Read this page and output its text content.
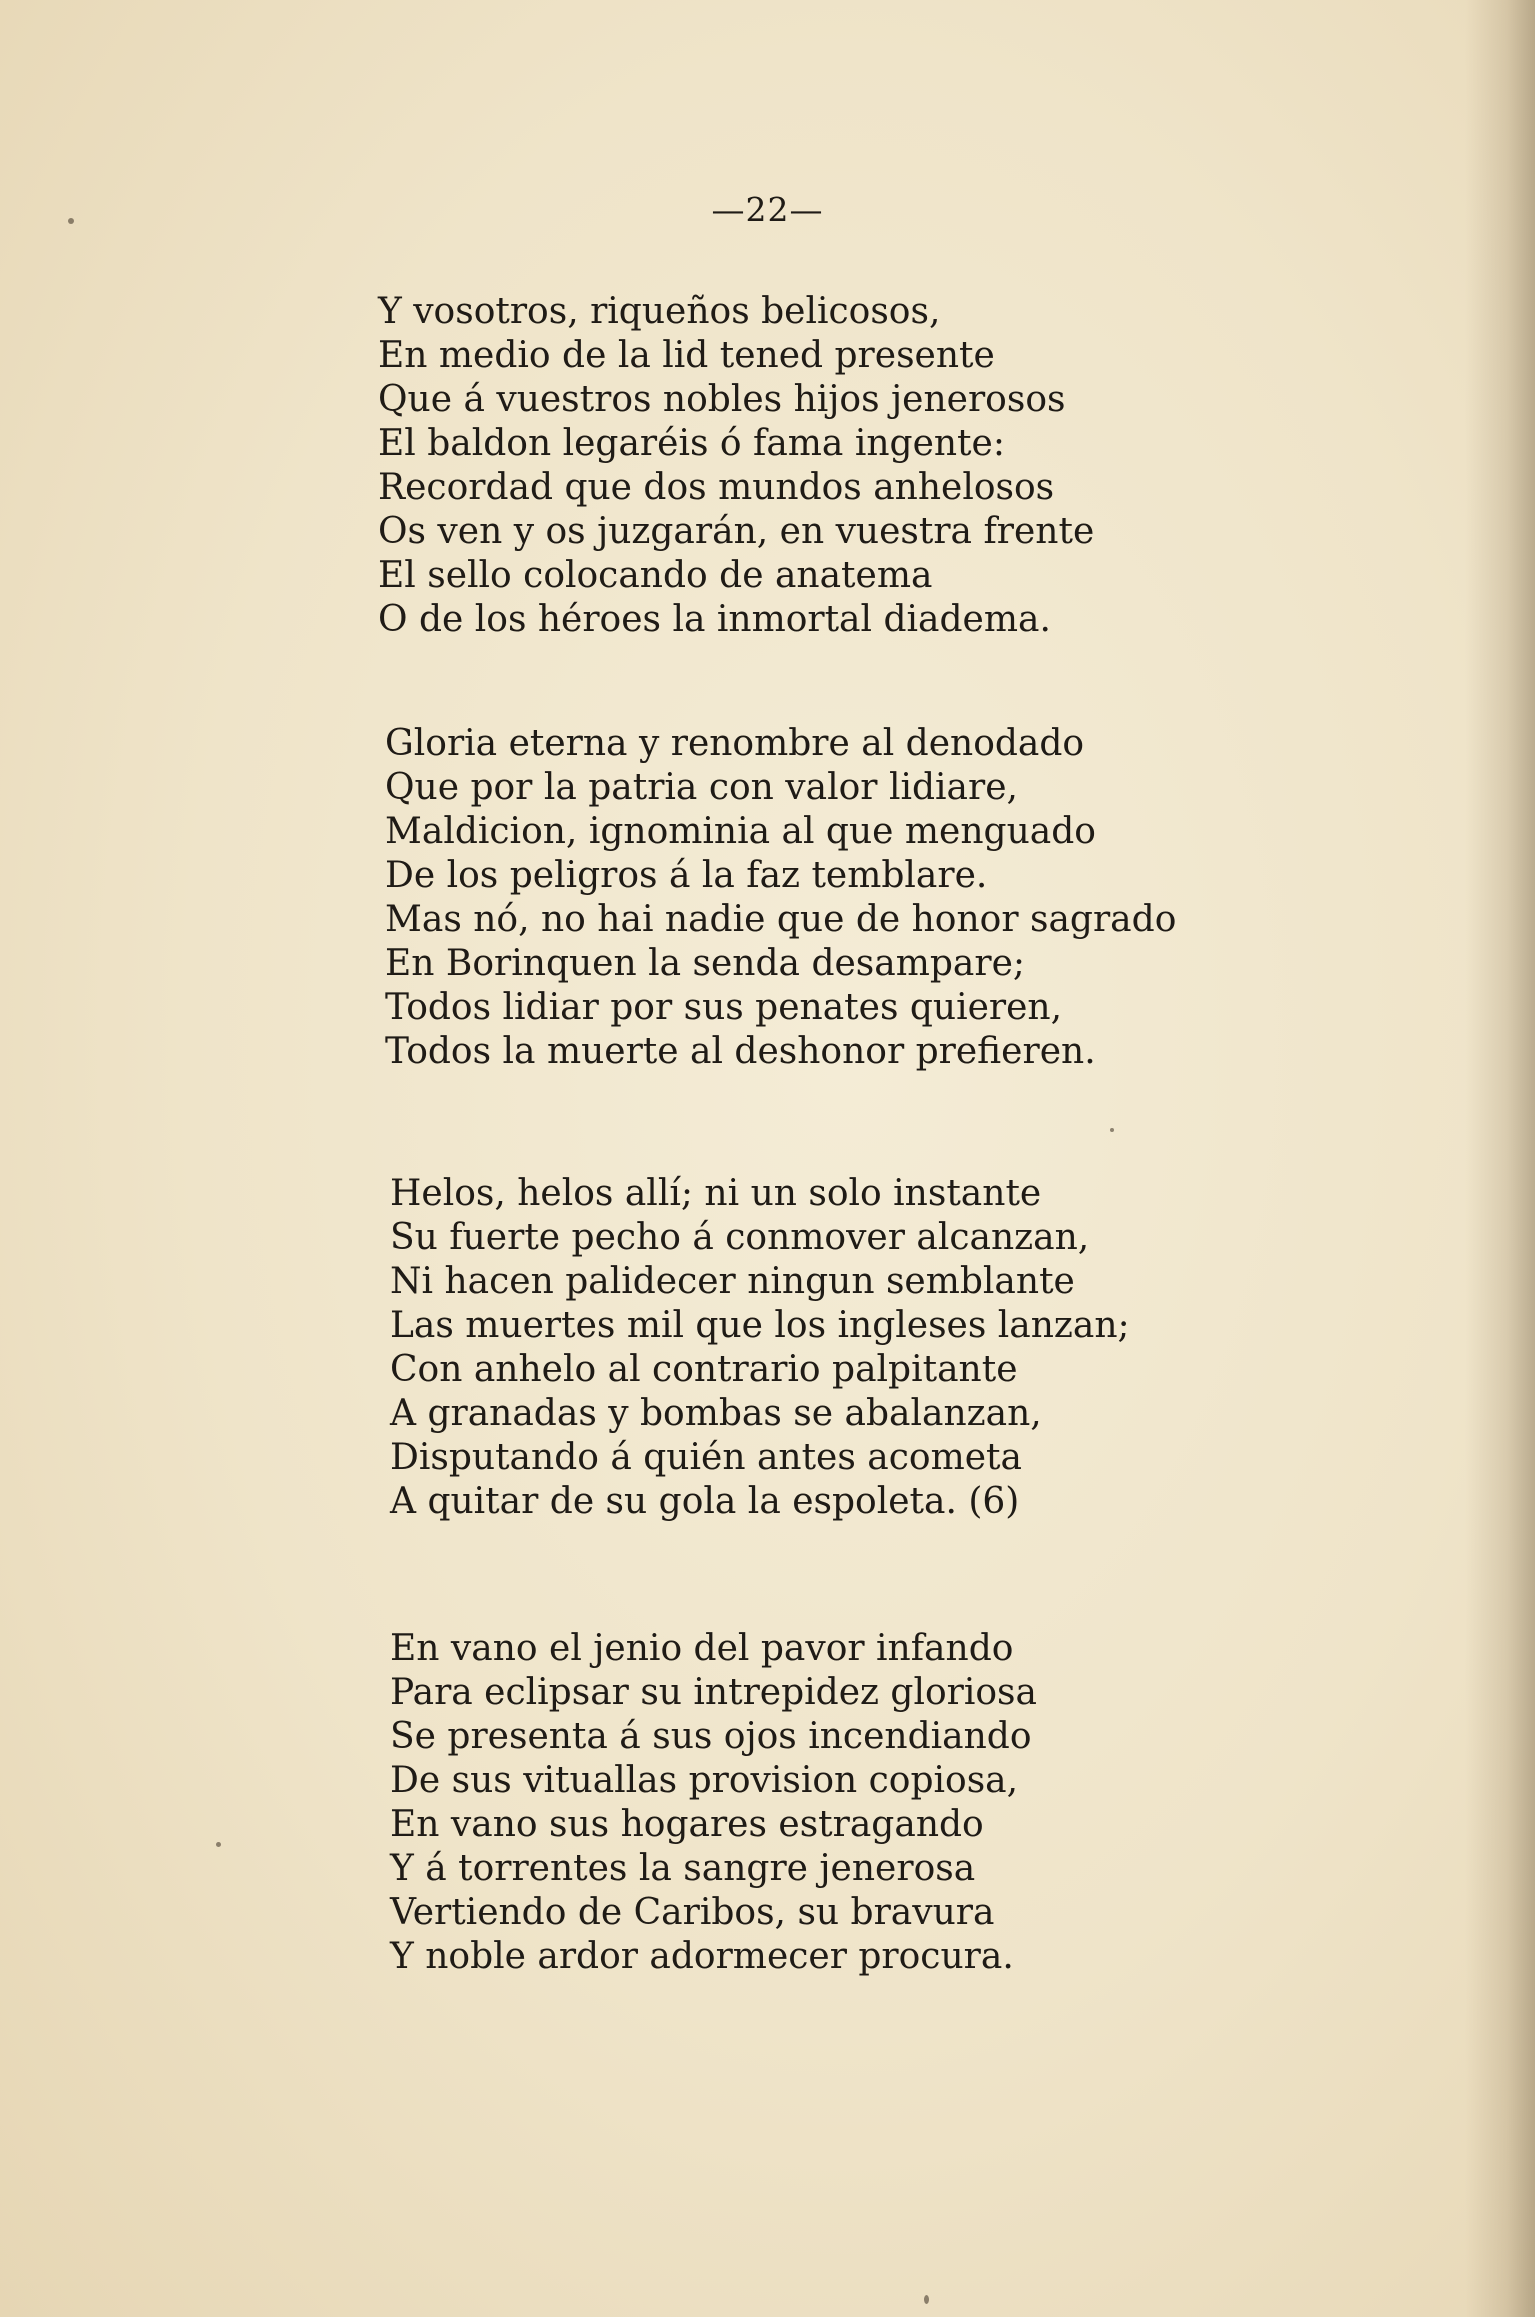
—22—
Y vosotros, riqueños belicosos,
En medio de la lid tened presente
Que á vuestros nobles hijos jenerosos
El baldon legaréis ó fama ingente:
Recordad que dos mundos anhelosos
Os ven y os juzgarán, en vuestra frente
El sello colocando de anatema
O de los héroes la inmortal diadema.
Gloria eterna y renombre al denodado
Que por la patria con valor lidiare,
Maldicion, ignominia al que menguado
De los peligros á la faz temblare.
Mas nó, no hai nadie que de honor sagrado
En Borinquen la senda desampare;
Todos lidiar por sus penates quieren,
Todos la muerte al deshonor prefieren.
Helos, helos allí; ni un solo instante
Su fuerte pecho á conmover alcanzan,
Ni hacen palidecer ningun semblante
Las muertes mil que los ingleses lanzan;
Con anhelo al contrario palpitante
A granadas y bombas se abalanzan,
Disputando á quién antes acometa
A quitar de su gola la espoleta. (6)
En vano el jenio del pavor infando
Para eclipsar su intrepidez gloriosa
Se presenta á sus ojos incendiando
De sus vituallas provision copiosa,
En vano sus hogares estragando
Y á torrentes la sangre jenerosa
Vertiendo de Caribos, su bravura
Y noble ardor adormecer procura.
